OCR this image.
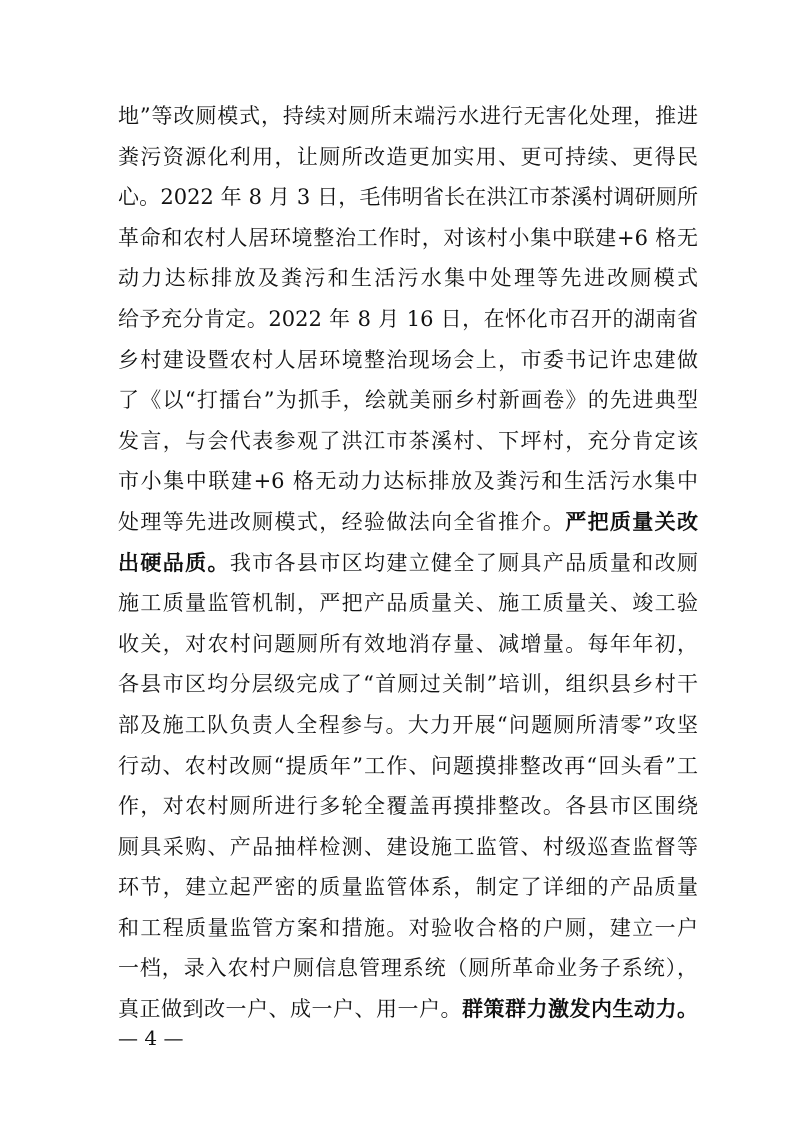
地”等改厕模式，持续对厕所末端污水进行无害化处理，推进
粪污资源化利用，让厕所改造更加实用、更可持续、更得民
心。2022 年 8 月 3 日，毛伟明省长在洪江市茶溪村调研厕所
革命和农村人居环境整治工作时，对该村小集中联建+6 格无
动力达标排放及粪污和生活污水集中处理等先进改厕模式
给予充分肯定。2022 年 8 月 16 日，在怀化市召开的湖南省
乡村建设暨农村人居环境整治现场会上，市委书记许忠建做
了《以“打擂台”为抓手，绘就美丽乡村新画卷》的先进典型
发言，与会代表参观了洪江市茶溪村、下坪村，充分肯定该
市小集中联建+6 格无动力达标排放及粪污和生活污水集中
处理等先进改厕模式，经验做法向全省推介。严把质量关改
出硬品质。我市各县市区均建立健全了厕具产品质量和改厕
施工质量监管机制，严把产品质量关、施工质量关、竣工验
收关，对农村问题厕所有效地消存量、减增量。每年年初，
各县市区均分层级完成了“首厕过关制”培训，组织县乡村干
部及施工队负责人全程参与。大力开展“问题厕所清零”攻坚
行动、农村改厕“提质年”工作、问题摸排整改再“回头看”工
作，对农村厕所进行多轮全覆盖再摸排整改。各县市区围绕
厕具采购、产品抽样检测、建设施工监管、村级巡查监督等
环节，建立起严密的质量监管体系，制定了详细的产品质量
和工程质量监管方案和措施。对验收合格的户厕，建立一户
一档，录入农村户厕信息管理系统（厕所革命业务子系统），
真正做到改一户、成一户、用一户。群策群力激发内生动力。
— 4 —
